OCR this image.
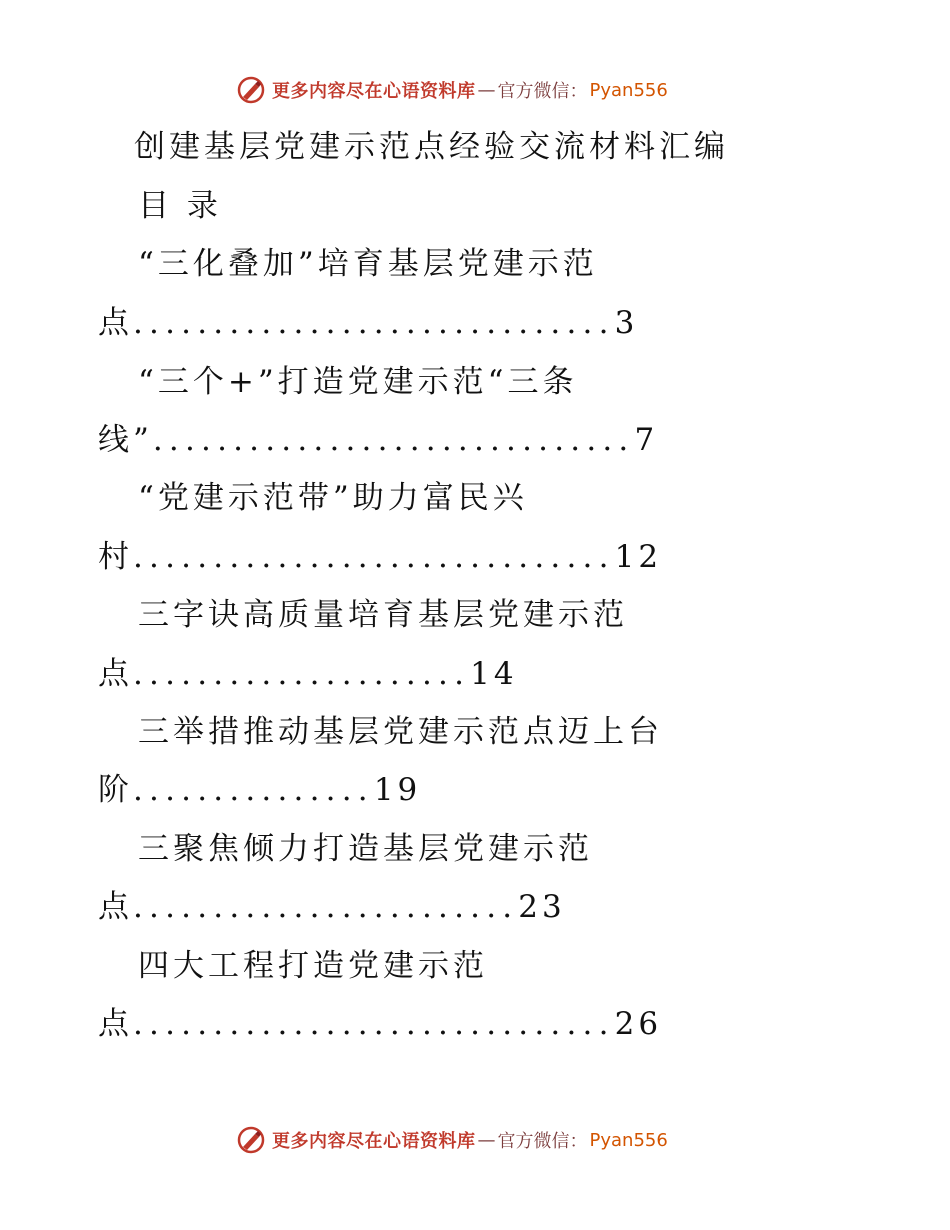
更多内容尽在心语资料库 — 官方微信： Pyan556
创建基层党建示范点经验交流材料汇编
目 录
“三化叠加”培育基层党建示范
点 .............................. 3
“三个+”打造党建示范“三条
线” .............................. 7
“党建示范带”助力富民兴
村 .............................. 12
三字诀高质量培育基层党建示范
点 ..................... 14
三举措推动基层党建示范点迈上台
阶 ............... 19
三聚焦倾力打造基层党建示范
点 ........................ 23
四大工程打造党建示范
点 .............................. 26
更多内容尽在心语资料库 — 官方微信： Pyan556
